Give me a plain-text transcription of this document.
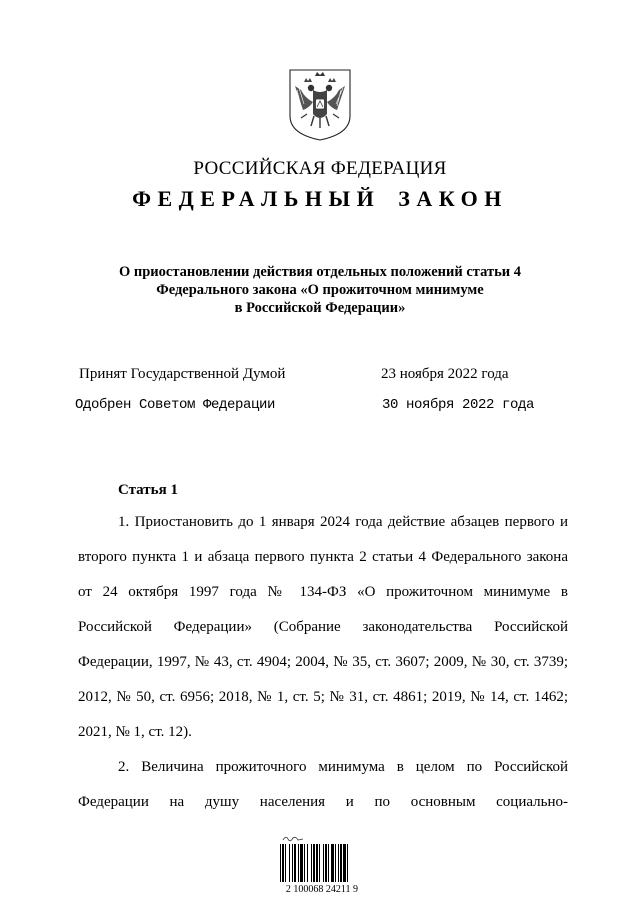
РОССИЙСКАЯ ФЕДЕРАЦИЯ
ФЕДЕРАЛЬНЫЙ ЗАКОН
О приостановлении действия отдельных положений статьи 4
Федерального закона «О прожиточном минимуме
в Российской Федерации»
Принят Государственной Думой	23 ноября 2022 года
Одобрен Советом Федерации	30 ноября 2022 года
Статья 1
1. Приостановить до 1 января 2024 года действие абзацев первого и
второго пункта 1 и абзаца первого пункта 2 статьи 4 Федерального закона
от 24 октября 1997 года № 134-ФЗ «О прожиточном минимуме в
Российской Федерации» (Собрание законодательства Российской
Федерации, 1997, № 43, ст. 4904; 2004, № 35, ст. 3607; 2009, № 30, ст. 3739;
2012, № 50, ст. 6956; 2018, № 1, ст. 5; № 31, ст. 4861; 2019, № 14, ст. 1462;
2021, № 1, ст. 12).
2. Величина прожиточного минимума в целом по Российской
Федерации на душу населения и по основным социально-
2 100068 24211 9
